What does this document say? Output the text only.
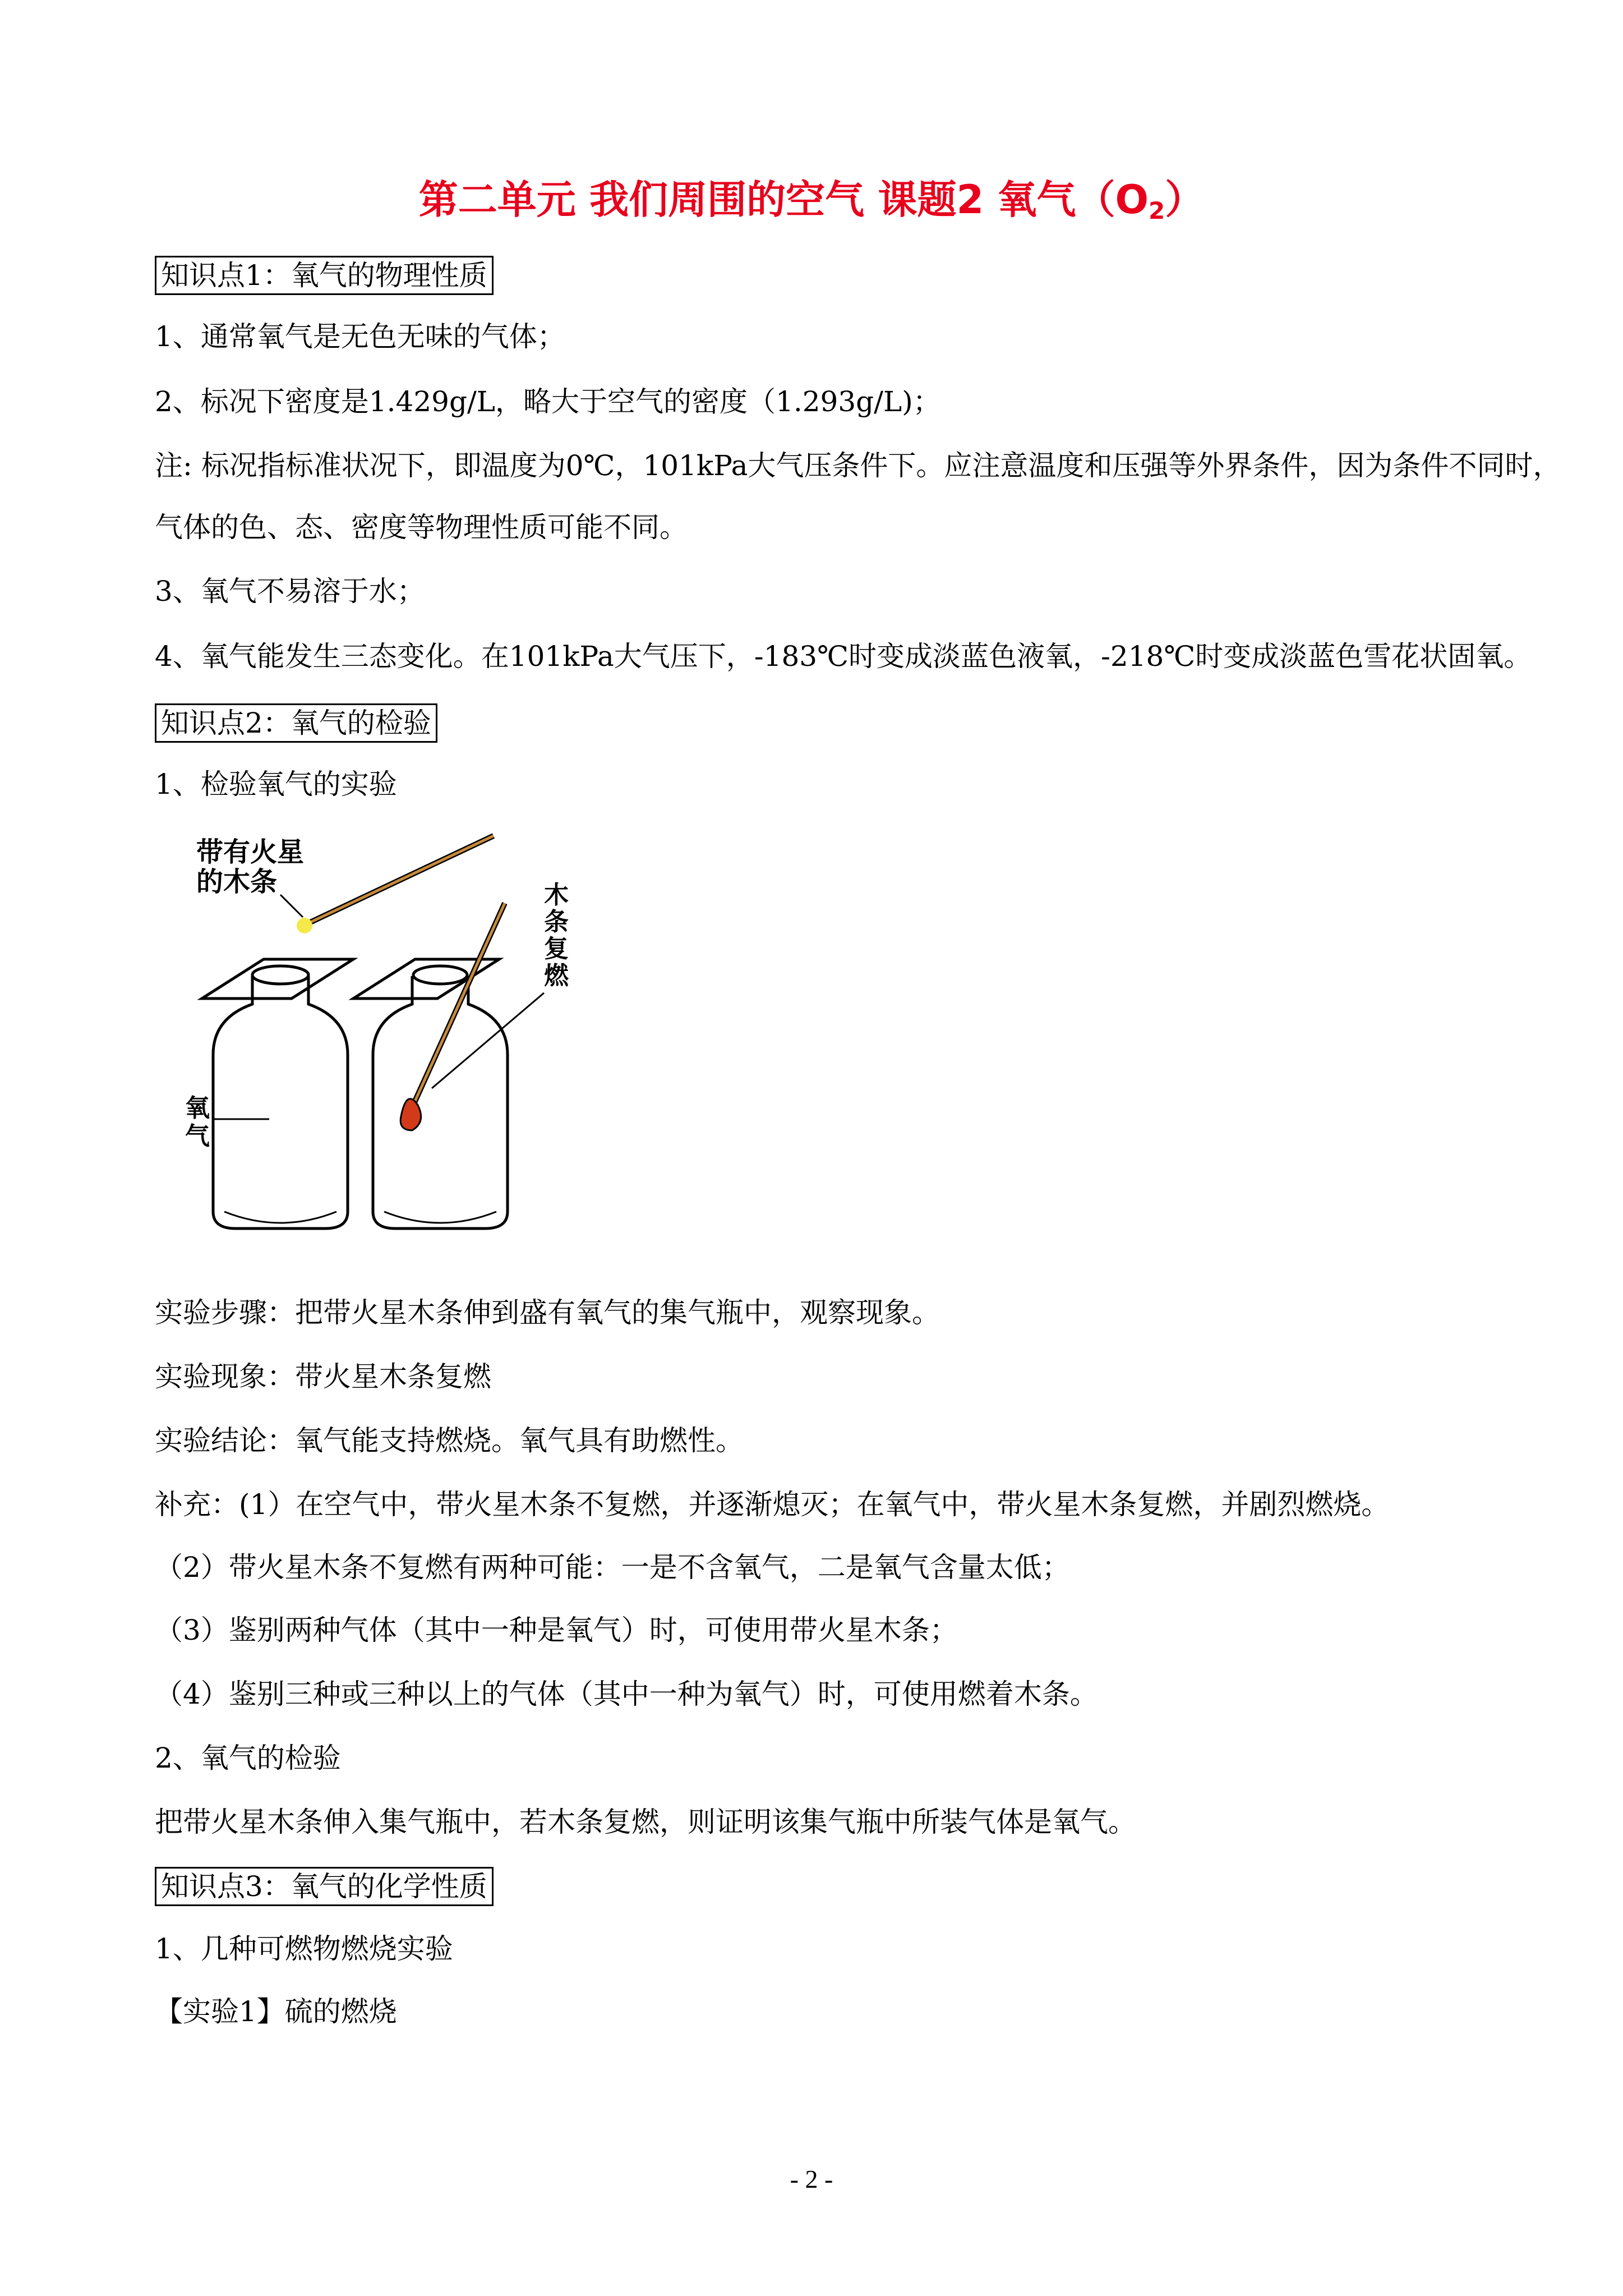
第二单元 我们周围的空气 课题2 氧气$(O_2)$
知识点1：氧气的物理性质
1、通常氧气是无色无味的气体；
2、标况下密度是1.429g/L，略大于空气的密度（1.293g/L)；
注: 标况指标准状况下，即温度为0℃，101kPa大气压条件下。应注意温度和压强等外界条件，因为条件不同时，
气体的色、态、密度等物理性质可能不同。
3、氧气不易溶于水；
4、氧气能发生三态变化。在101kPa大气压下，-183℃时变成淡蓝色液氧，-218℃时变成淡蓝色雪花状固氧。
知识点2：氧气的检验
1、检验氧气的实验
带有火星
的木条
氧
气
木
条
复
燃
实验步骤：把带火星木条伸到盛有氧气的集气瓶中，观察现象。
实验现象：带火星木条复燃
实验结论：氧气能支持燃烧。氧气具有助燃性。
补充：(1）在空气中，带火星木条不复燃，并逐渐熄灭；在氧气中，带火星木条复燃，并剧烈燃烧。
（2）带火星木条不复燃有两种可能：一是不含氧气，二是氧气含量太低；
（3）鉴别两种气体（其中一种是氧气）时，可使用带火星木条；
（4）鉴别三种或三种以上的气体（其中一种为氧气）时，可使用燃着木条。
2、氧气的检验
把带火星木条伸入集气瓶中，若木条复燃，则证明该集气瓶中所装气体是氧气。
知识点3：氧气的化学性质
1、几种可燃物燃烧实验
【实验1】硫的燃烧
- 2 -
